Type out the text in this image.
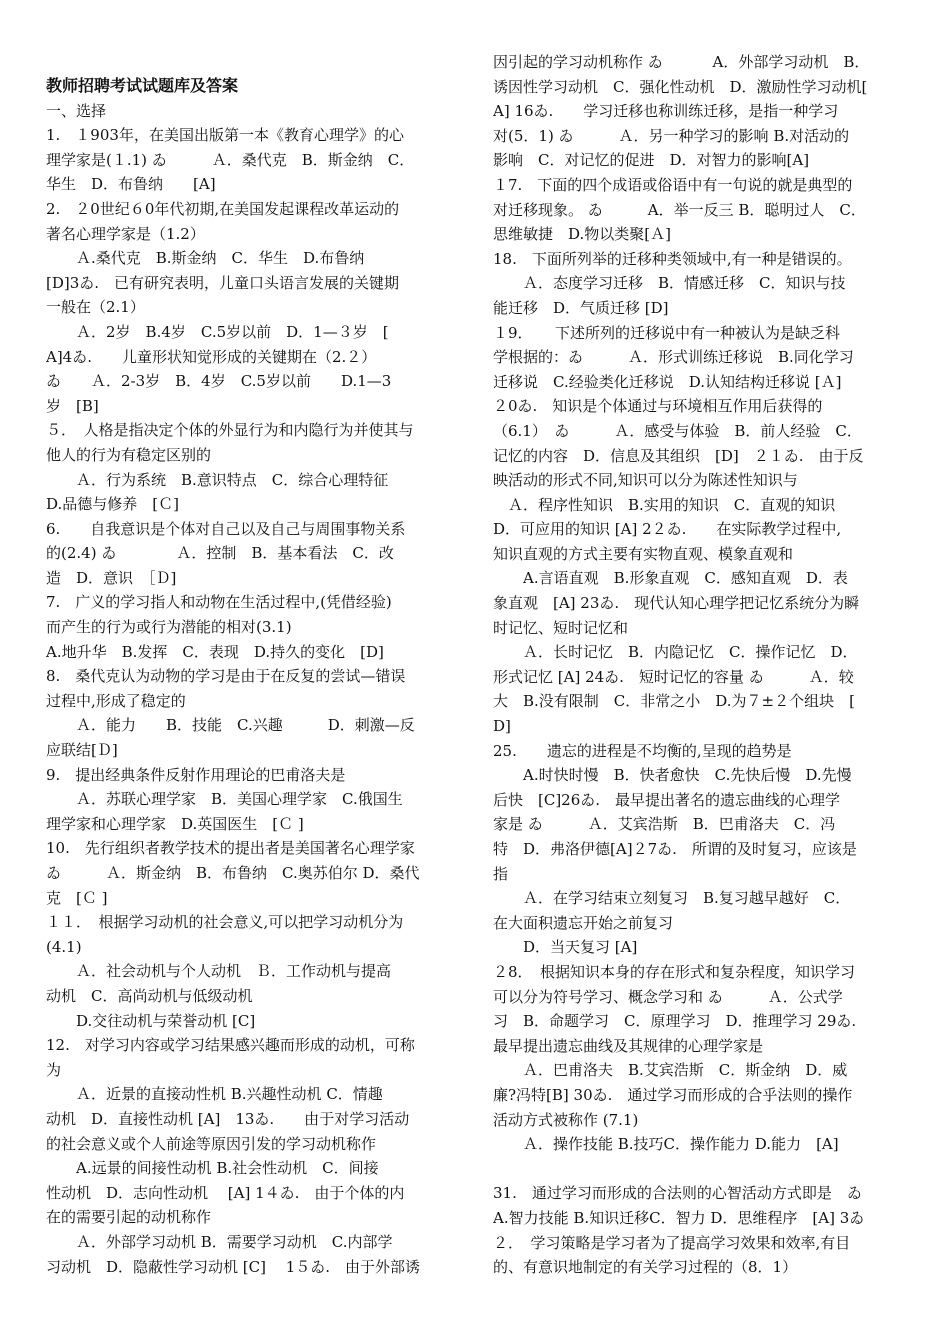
教师招聘考试试题库及答案
一、选择
1.　１903年，在美国出版第一本《教育心理学》的心
理学家是(１.1) ゐ　　　Ａ．桑代克　B．斯金纳　C．
华生　D．布鲁纳　　[A]
2.　２0世纪６0年代初期,在美国发起课程改革运动的
著名心理学家是（1.2）
　　Ａ.桑代克　B.斯金纳　C．华生　D.布鲁纳
[D]3ゐ.　已有研究表明，儿童口头语言发展的关键期
一般在（2.1）
　　Ａ．2岁　B.4岁　C.5岁以前　D．1—３岁　[
A]4ゐ.　　儿童形状知觉形成的关键期在（2.２）
ゐ　　Ａ．2-3岁　B．4岁　C.5岁以前　　D.1—3
岁　[B]
５．　人格是指决定个体的外显行为和内隐行为并使其与
他人的行为有稳定区别的
　　Ａ．行为系统　B.意识特点　C．综合心理特征
D.品德与修养　[Ｃ]
6.　　自我意识是个体对自己以及自己与周围事物关系
的(2.4) ゐ　　　　Ａ．控制　B．基本看法　C．改
造　D．意识　［Ｄ]
7.　广义的学习指人和动物在生活过程中,(凭借经验)
而产生的行为或行为潜能的相对(3.1)
A.地升华　B.发挥　C．表现　D.持久的变化　[D]
8.　桑代克认为动物的学习是由于在反复的尝试—错误
过程中,形成了稳定的
　　Ａ．能力　　B．技能　C.兴趣　　　D．刺激—反
应联结[Ｄ]
9.　提出经典条件反射作用理论的巴甫洛夫是
　　Ａ．苏联心理学家　B．美国心理学家　C.俄国生
理学家和心理学家　D.英国医生　[Ｃ ]
10.　先行组织者教学技术的提出者是美国著名心理学家
ゐ　　　Ａ．斯金纳　B．布鲁纳　C.奥苏伯尔 D．桑代
克　[Ｃ ]
１１．　根据学习动机的社会意义,可以把学习动机分为
(4.1)
　　Ａ．社会动机与个人动机　Ｂ．工作动机与提高
动机　C．高尚动机与低级动机
　　D.交往动机与荣誉动机 [C]
12.　对学习内容或学习结果感兴趣而形成的动机，可称
为
　　Ａ．近景的直接动性机 B.兴趣性动机 C．情趣
动机　D．直接性动机 [A]　13ゐ.　　由于对学习活动
的社会意义或个人前途等原因引发的学习动机称作
　　A.远景的间接性动机 B.社会性动机　C．间接
性动机　D．志向性动机　 [A] 1４ゐ.　由于个体的内
在的需要引起的动机称作
　　Ａ．外部学习动机 B．需要学习动机　C.内部学
习动机　D．隐蔽性学习动机 [C]　 1５ゐ.　由于外部诱
因引起的学习动机称作 ゐ　　　 A．外部学习动机　B．
诱因性学习动机　C．强化性动机　D．激励性学习动机[
A] 16ゐ.　　学习迁移也称训练迁移，是指一种学习
对(5．1) ゐ　　　Ａ．另一种学习的影响 B.对活动的
影响　C．对记忆的促进　D．对智力的影响[A]
１7.　下面的四个成语或俗语中有一句说的就是典型的
对迁移现象。 ゐ　　　A．举一反三 B．聪明过人　C．
思维敏捷　D.物以类聚[Ａ]
18.　下面所列举的迁移种类领域中,有一种是错误的。
　　Ａ．态度学习迁移　B．情感迁移　C．知识与技
能迁移　D．气质迁移 [D]
１9．　　下述所列的迁移说中有一种被认为是缺乏科
学根据的：ゐ　　　Ａ．形式训练迁移说　B.同化学习
迁移说　C.经验类化迁移说　D.认知结构迁移说 [Ａ]
２0ゐ.　知识是个体通过与环境相互作用后获得的
（6.1）　ゐ　　　Ａ．感受与体验　B．前人经验　C．
记忆的内容　D．信息及其组织　[D]　２１ゐ.　由于反
映活动的形式不同,知识可以分为陈述性知识与
　Ａ．程序性知识　B.实用的知识　C．直观的知识
D．可应用的知识 [A] 2２ゐ.　　在实际教学过程中,
知识直观的方式主要有实物直观、模象直观和
　　A.言语直观　B.形象直观　C．感知直观　D．表
象直观　[A] 23ゐ.　现代认知心理学把记忆系统分为瞬
时记忆、短时记忆和
　　Ａ．长时记忆　B．内隐记忆　C．操作记忆　D．
形式记忆 [A] 24ゐ.　短时记忆的容量 ゐ　　　Ａ．较
大　B.没有限制　C．非常之小　D.为７±２个组块　[
D]
25.　　遗忘的进程是不均衡的,呈现的趋势是
　　A.时快时慢　B．快者愈快　C.先快后慢　D.先慢
后快　[C]26ゐ.　最早提出著名的遗忘曲线的心理学
家是 ゐ　　　Ａ．艾宾浩斯　B．巴甫洛夫　C．冯
特　D．弗洛伊德[A]２7ゐ.　所谓的及时复习，应该是
指
　　Ａ．在学习结束立刻复习　B.复习越早越好　C．
在大面积遗忘开始之前复习
　　D．当天复习 [A]
２8．　根据知识本身的存在形式和复杂程度，知识学习
可以分为符号学习、概念学习和 ゐ　　　Ａ．公式学
习　B．命题学习　C．原理学习　D．推理学习 29ゐ.
最早提出遗忘曲线及其规律的心理学家是
　　Ａ．巴甫洛夫　B.艾宾浩斯　C．斯金纳　D．威
廉?冯特[B] 30ゐ.　通过学习而形成的合乎法则的操作
活动方式被称作 (7.1)
　　Ａ．操作技能 B.技巧C．操作能力 D.能力　[A]
31.　通过学习而形成的合法则的心智活动方式即是　ゐ
A.智力技能 B.知识迁移C．智力 D．思维程序　[A] 3ゐ
２．　学习策略是学习者为了提高学习效果和效率,有目
的、有意识地制定的有关学习过程的（8．1）
